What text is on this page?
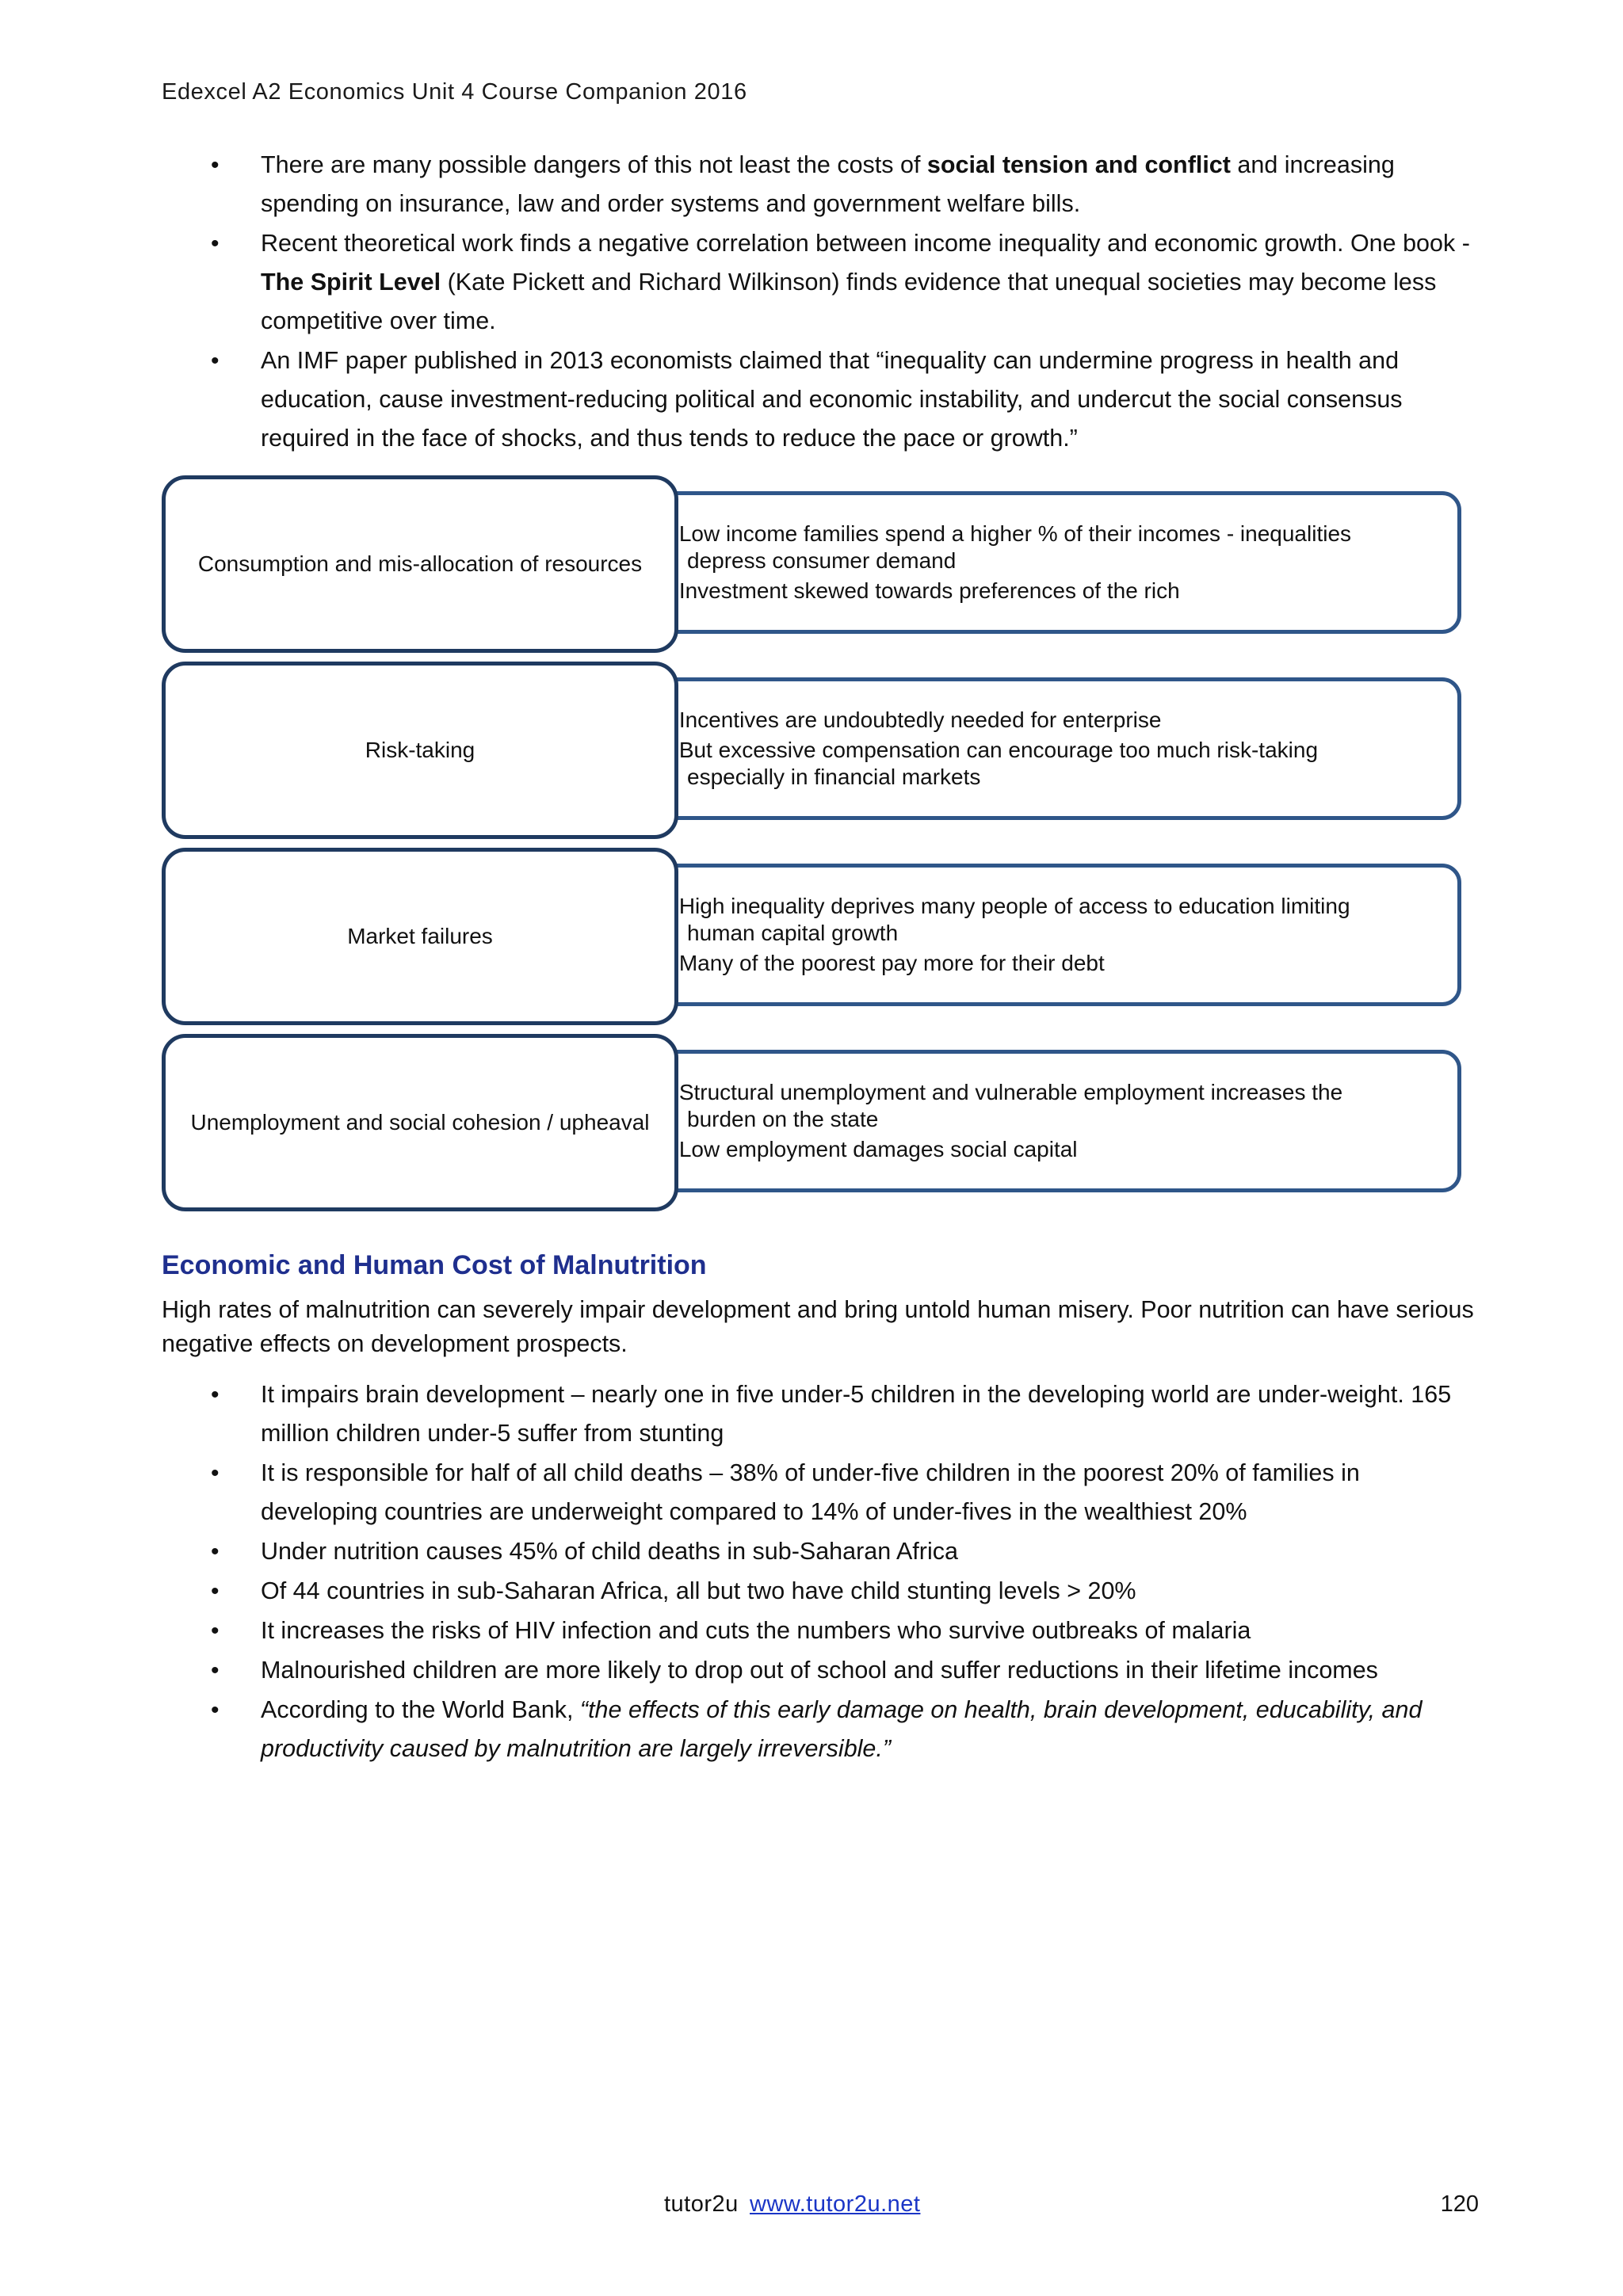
Edexcel A2 Economics Unit 4 Course Companion 2016
• There are many possible dangers of this not least the costs of social tension and conflict and increasing spending on insurance, law and order systems and government welfare bills.
• Recent theoretical work finds a negative correlation between income inequality and economic growth. One book - The Spirit Level (Kate Pickett and Richard Wilkinson) finds evidence that unequal societies may become less competitive over time.
• An IMF paper published in 2013 economists claimed that “inequality can undermine progress in health and education, cause investment-reducing political and economic instability, and undercut the social consensus required in the face of shocks, and thus tends to reduce the pace or growth.”
Consumption and mis-allocation of resources
• Low income families spend a higher % of their incomes - inequalities depress consumer demand
• Investment skewed towards preferences of the rich
Risk-taking
• Incentives are undoubtedly needed for enterprise
• But excessive compensation can encourage too much risk-taking especially in financial markets
Market failures
• High inequality deprives many people of access to education limiting human capital growth
• Many of the poorest pay more for their debt
Unemployment and social cohesion / upheaval
• Structural unemployment and vulnerable employment increases the burden on the state
• Low employment damages social capital
Economic and Human Cost of Malnutrition
High rates of malnutrition can severely impair development and bring untold human misery. Poor nutrition can have serious negative effects on development prospects.
• It impairs brain development – nearly one in five under-5 children in the developing world are under-weight. 165 million children under-5 suffer from stunting
• It is responsible for half of all child deaths – 38% of under-five children in the poorest 20% of families in developing countries are underweight compared to 14% of under-fives in the wealthiest 20%
• Under nutrition causes 45% of child deaths in sub-Saharan Africa
• Of 44 countries in sub-Saharan Africa, all but two have child stunting levels > 20%
• It increases the risks of HIV infection and cuts the numbers who survive outbreaks of malaria
• Malnourished children are more likely to drop out of school and suffer reductions in their lifetime incomes
• According to the World Bank, “the effects of this early damage on health, brain development, educability, and productivity caused by malnutrition are largely irreversible.”
tutor2u www.tutor2u.net	120
